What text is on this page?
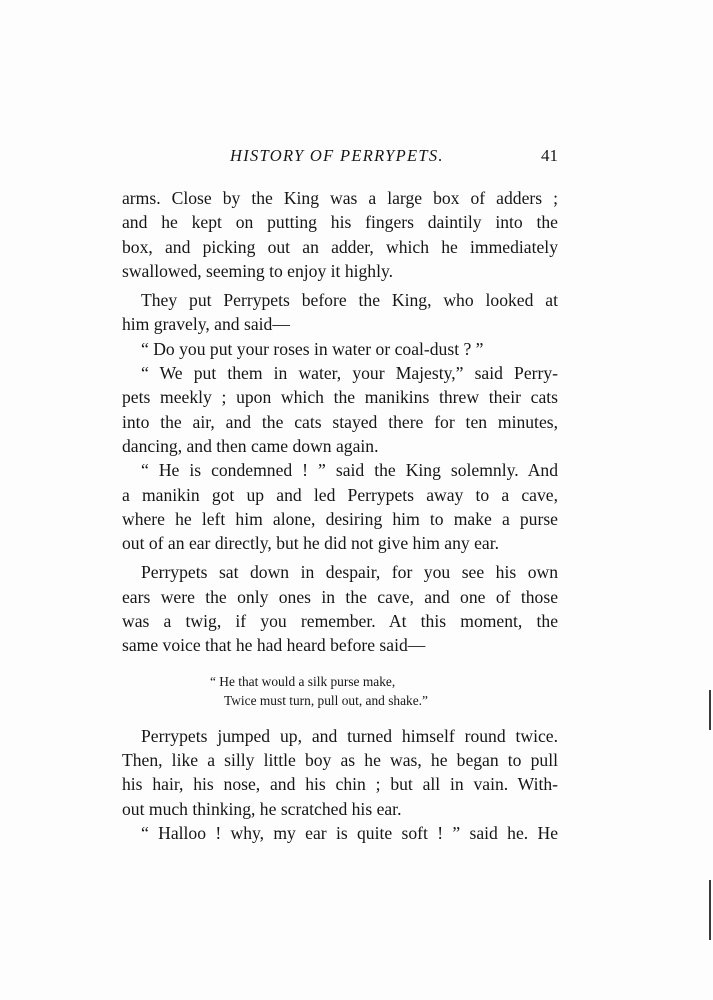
HISTORY OF PERRYPETS.	41
arms. Close by the King was a large box of adders ;
and he kept on putting his fingers daintily into the
box, and picking out an adder, which he immediately
swallowed, seeming to enjoy it highly.
They put Perrypets before the King, who looked at
him gravely, and said—
“ Do you put your roses in water or coal-dust ? ”
“ We put them in water, your Majesty,” said Perry-
pets meekly ; upon which the manikins threw their cats
into the air, and the cats stayed there for ten minutes,
dancing, and then came down again.
“ He is condemned ! ” said the King solemnly. And
a manikin got up and led Perrypets away to a cave,
where he left him alone, desiring him to make a purse
out of an ear directly, but he did not give him any ear.
Perrypets sat down in despair, for you see his own
ears were the only ones in the cave, and one of those
was a twig, if you remember. At this moment, the
same voice that he had heard before said—
“ He that would a silk purse make,
Twice must turn, pull out, and shake.”
Perrypets jumped up, and turned himself round twice.
Then, like a silly little boy as he was, he began to pull
his hair, his nose, and his chin ; but all in vain. With-
out much thinking, he scratched his ear.
“ Halloo ! why, my ear is quite soft ! ” said he. He
